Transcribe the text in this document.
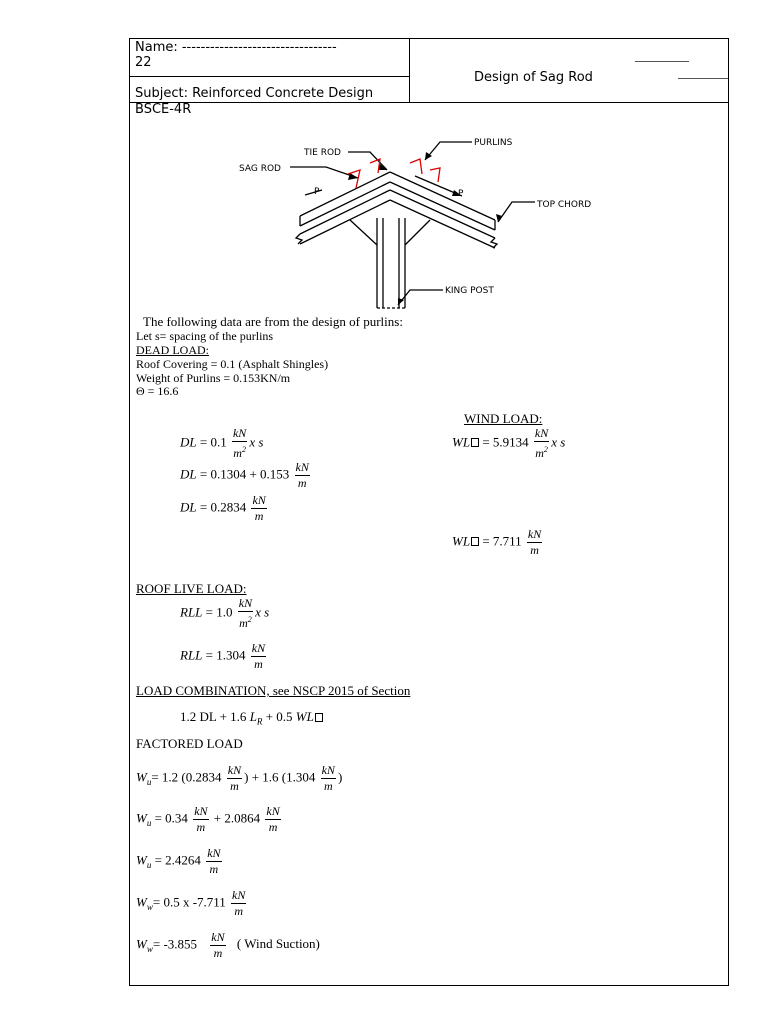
Name: ---------------------------------
22
Design of Sag Rod
Subject: Reinforced Concrete Design
BSCE-4R
TIE ROD
PURLINS
SAG ROD
P	P
TOP CHORD
KING POST
The following data are from the design of purlins:
Let s= spacing of the purlins
DEAD LOAD:
Roof Covering = 0.1 (Asphalt Shingles)
Weight of Purlins = 0.153KN/m
Θ = 16.6
DL = $0.1 \frac{kN}{m^2}$ x s
DL = $0.1304 + 0.153 \frac{kN}{m}$
DL = $0.2834 \frac{kN}{m}$
WIND LOAD:
WL = $5.9134 \frac{kN}{m^2}$ x s
WL = $7.711 \frac{kN}{m}$
ROOF LIVE LOAD:
RLL = $1.0 \frac{kN}{m^2}$ x s
RLL = $1.304 \frac{kN}{m}$
LOAD COMBINATION, see NSCP 2015 of Section
1.2 DL + 1.6 $L_R + 0.5$ WL
FACTORED LOAD
$W_u= 1.2$ ($0.2834 \frac{kN}{m}$ ) + 1.6 ($1.304 \frac{kN}{m}$ )
$W_u = 0.34 \frac{kN}{m} + 2.0864 \frac{kN}{m}$
$W_u = 2.4264 \frac{kN}{m}$
$W_w= 0.5$ x $-7.711 \frac{kN}{m}$
$W_w= -3.855 \frac{kN}{m}$ ( Wind Suction)
